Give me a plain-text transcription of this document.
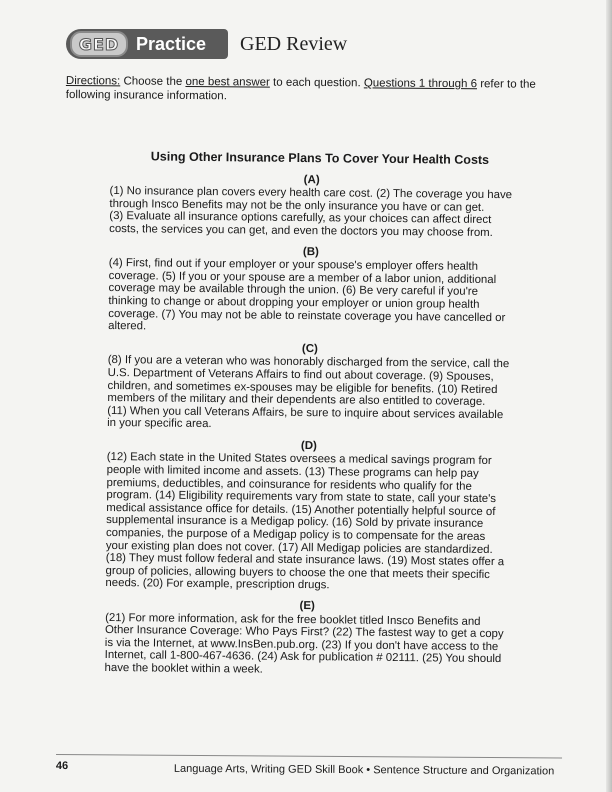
GED Practice GED Review
Directions: Choose the one best answer to each question. Questions 1 through 6 refer to the following insurance information.
Using Other Insurance Plans To Cover Your Health Costs
(A)

(1) No insurance plan covers every health care cost. (2) The coverage you have through Insco Benefits may not be the only insurance you have or can get.

(3) Evaluate all insurance options carefully, as your choices can affect direct costs, the services you can get, and even the doctors you may choose from.

(B)

(4) First, find out if your employer or your spouse's employer offers health coverage. (5) If you or your spouse are a member of a labor union, additional coverage may be available through the union. (6) Be very careful if you're thinking to change or about dropping your employer or union group health coverage. (7) You may not be able to reinstate coverage you have cancelled or altered.

(C)

(8) If you are a veteran who was honorably discharged from the service, call the U.S. Department of Veterans Affairs to find out about coverage. (9) Spouses, children, and sometimes ex-spouses may be eligible for benefits. (10) Retired members of the military and their dependents are also entitled to coverage.

(11) When you call Veterans Affairs, be sure to inquire about services available in your specific area.

(D)

(12) Each state in the United States oversees a medical savings program for people with limited income and assets. (13) These programs can help pay premiums, deductibles, and coinsurance for residents who qualify for the program. (14) Eligibility requirements vary from state to state, call your state's medical assistance office for details. (15) Another potentially helpful source of supplemental insurance is a Medigap policy. (16) Sold by private insurance companies, the purpose of a Medigap policy is to compensate for the areas your existing plan does not cover. (17) All Medigap policies are standardized. (18) They must follow federal and state insurance laws. (19) Most states offer a group of policies, allowing buyers to choose the one that meets their specific needs. (20) For example, prescription drugs.

(E)

(21) For more information, ask for the free booklet titled Insco Benefits and Other Insurance Coverage: Who Pays First? (22) The fastest way to get a copy is via the Internet, at www.InsBen.pub.org. (23) If you don't have access to the Internet, call 1-800-467-4636. (24) Ask for publication # 02111. (25) You should have the booklet within a week.

46	Language Arts, Writing GED Skill Book • Sentence Structure and Organization
